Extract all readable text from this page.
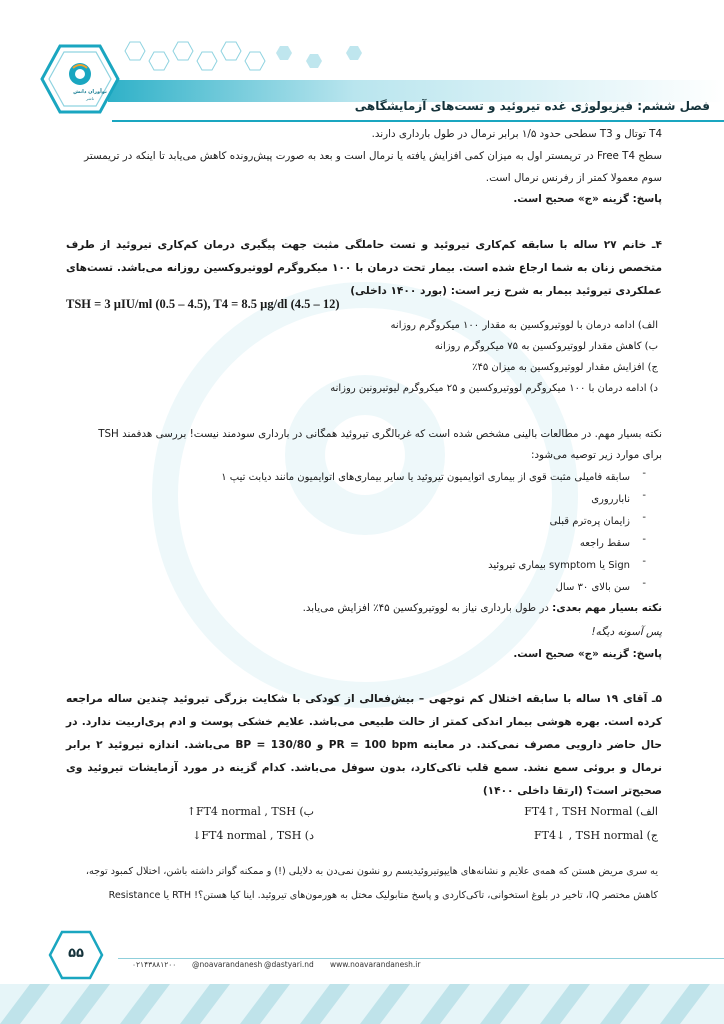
نوآوران دانش
ناشر
فصل ششم: فیزیولوژی غده تیروئید و تست‌های آزمایشگاهی
T4 توتال و T3 سطحی حدود ۱/۵ برابر نرمال در طول بارداری دارند.
سطح Free T4 در تریمستر اول به میزان کمی افزایش یافته یا نرمال است و بعد به صورت پیش‌رونده کاهش می‌یابد تا اینکه در تریمستر
سوم معمولا کمتر از رفرنس نرمال است.
پاسخ: گزینه «ج» صحیح است.
۴ـ خانم ۲۷ ساله با سابقه کم‌کاری تیروئید و تست حاملگی مثبت جهت پیگیری درمان کم‌کاری تیروئید از طرف متخصص زنان به شما ارجاع شده است. بیمار تحت درمان با ۱۰۰ میکروگرم لووتیروکسین روزانه می‌باشد. تست‌های عملکردی تیروئید بیمار به شرح زیر است: (بورد ۱۴۰۰ داخلی)
TSH = 3 µIU/ml (0.5 – 4.5), T4 = 8.5 µg/dl (4.5 – 12)
الف) ادامه درمان با لووتیروکسین به مقدار ۱۰۰ میکروگرم روزانه
ب) کاهش مقدار لووتیروکسین به ۷۵ میکروگرم روزانه
ج) افزایش مقدار لووتیروکسین به میزان ۴۵٪
د) ادامه درمان با ۱۰۰ میکروگرم لووتیروکسین و ۲۵ میکروگرم لیوتیرونین روزانه
نکته بسیار مهم. در مطالعات بالینی مشخص شده است که غربالگری تیروئید همگانی در بارداری سودمند نیست! بررسی هدفمند TSH
برای موارد زیر توصیه می‌شود:
سابقه فامیلی مثبت قوی از بیماری اتوایمیون تیروئید یا سایر بیماری‌های اتوایمیون مانند دیابت تیپ ۱ -
نابارروری -
زایمان پره‌ترم قبلی -
سقط راجعه -
Sign یا symptom بیماری تیروئید -
سن بالای ۳۰ سال -
نکته بسیار مهم بعدی: در طول بارداری نیاز به لووتیروکسین ۴۵٪ افزایش می‌یابد.
پس آسونه دیگه!
پاسخ: گزینه «ج» صحیح است.
۵ـ آقای ۱۹ ساله با سابقه اختلال کم توجهی – بیش‌فعالی از کودکی با شکایت بزرگی تیروئید چندین ساله مراجعه کرده است. بهره هوشی بیمار اندکی کمتر از حالت طبیعی می‌باشد. علایم خشکی پوست و ادم پری‌اربیت ندارد. در حال حاضر دارویی مصرف نمی‌کند. در معاینه PR = 100 bpm و BP = 130/80 می‌باشد. اندازه تیروئید ۲ برابر نرمال و بروئی سمع نشد. سمع قلب تاکی‌کارد، بدون سوفل می‌باشد. کدام گزینه در مورد آزمایشات تیروئید وی صحیح‌تر است؟ (ارتقا داخلی ۱۴۰۰)
الف) FT4↑, TSH Normal
ب) FT4 normal , TSH↑
ج) FT4↓ , TSH normal
د) FT4 normal , TSH↓
یه سری مریض هستن که همه‌ی علایم و نشانه‌های هایپوتیروئیدیسم رو نشون نمی‌دن به دلایلی (!) و ممکنه گواتر داشته باشن، اختلال کمبود توجه،
کاهش مختصر IQ، تاخیر در بلوغ استخوانی، تاکی‌کاردی و پاسخ متابولیک مختل به هورمون‌های تیروئید. اینا کیا هستن؟! RTH یا Resistance
۵۵
www.noavarandanesh.ir
@dastyari.nd
@noavarandanesh
۰۲۱۴۳۸۸۱۲۰۰
